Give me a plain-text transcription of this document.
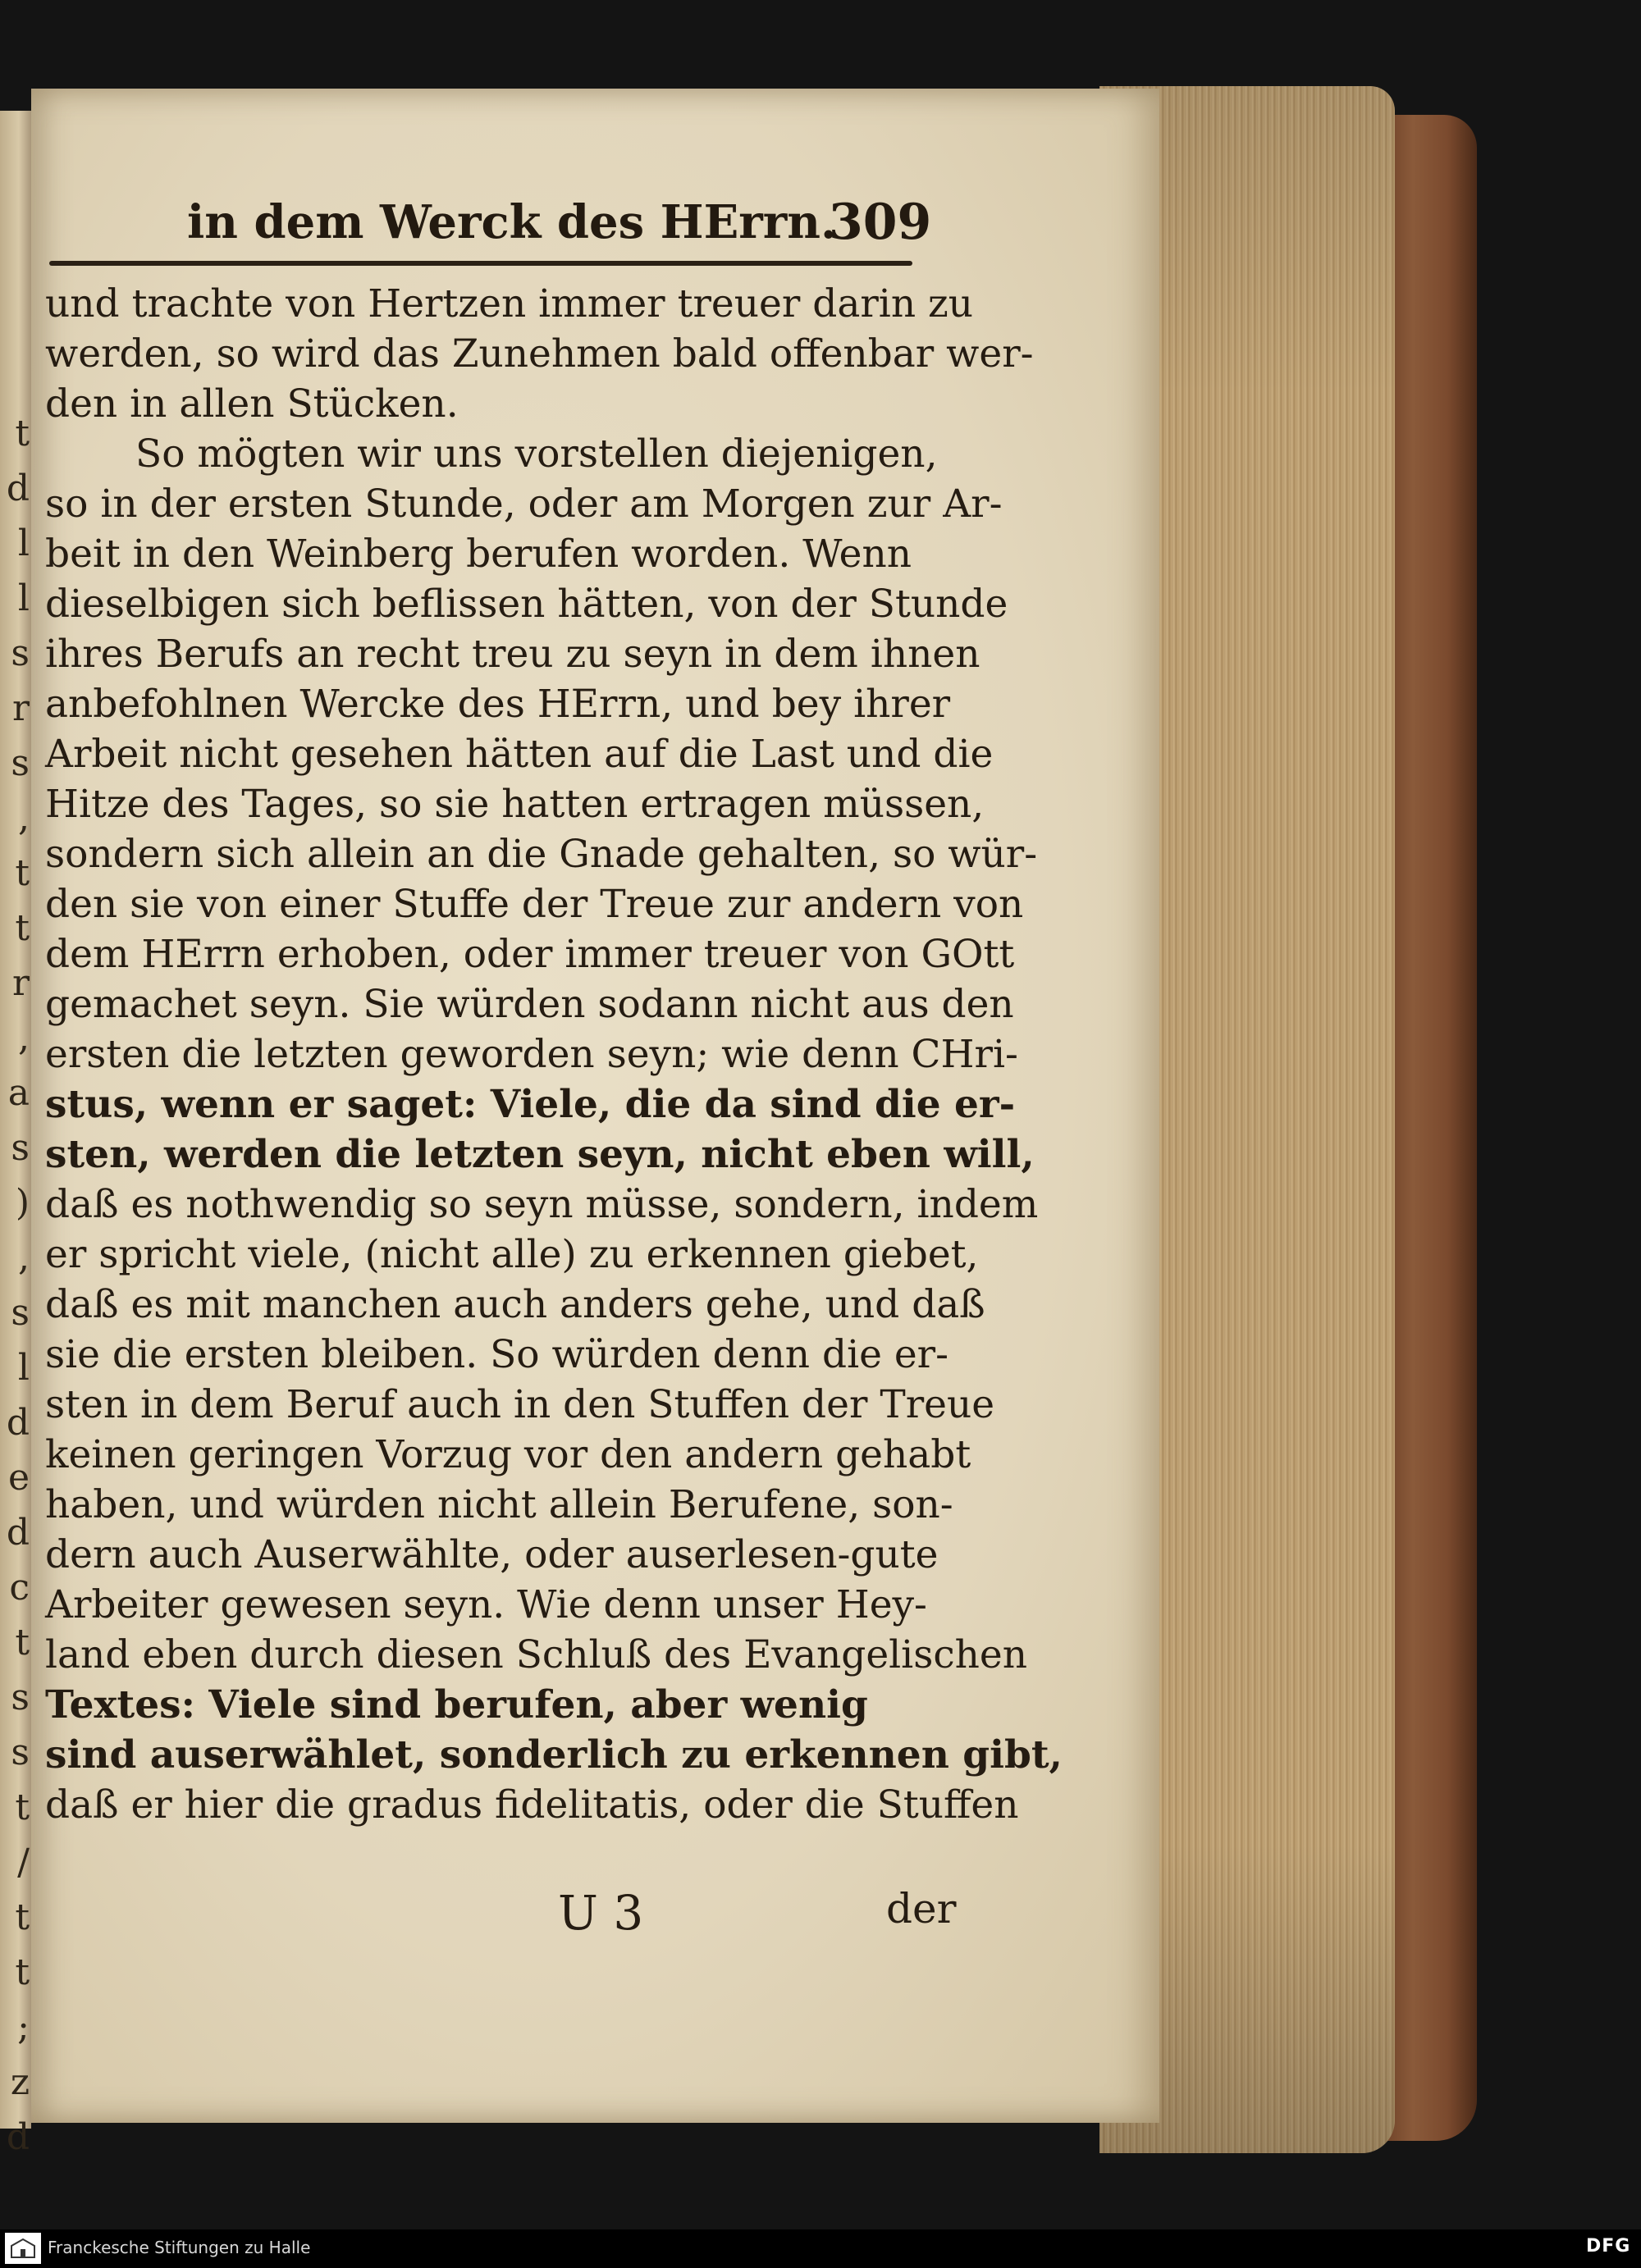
t
d
l
l
s
r
s
,
t
t
r
,
a
s
)
,
s
l
d
e
d
c
t
s
s
t
/
t
t
;
z
d
in dem Werck des HErrn.
309
und trachte von Hertzen immer treuer darin zu
werden, so wird das Zunehmen bald offenbar wer-
den in allen Stücken.
So mögten wir uns vorstellen diejenigen,
so in der ersten Stunde, oder am Morgen zur Ar-
beit in den Weinberg berufen worden. Wenn
dieselbigen sich beflissen hätten, von der Stunde
ihres Berufs an recht treu zu seyn in dem ihnen
anbefohlnen Wercke des HErrn, und bey ihrer
Arbeit nicht gesehen hätten auf die Last und die
Hitze des Tages, so sie hatten ertragen müssen,
sondern sich allein an die Gnade gehalten, so wür-
den sie von einer Stuffe der Treue zur andern von
dem HErrn erhoben, oder immer treuer von GOtt
gemachet seyn. Sie würden sodann nicht aus den
ersten die letzten geworden seyn; wie denn CHri-
stus, wenn er saget: Viele, die da sind die er-
sten, werden die letzten seyn, nicht eben will,
daß es nothwendig so seyn müsse, sondern, indem
er spricht viele, (nicht alle) zu erkennen giebet,
daß es mit manchen auch anders gehe, und daß
sie die ersten bleiben. So würden denn die er-
sten in dem Beruf auch in den Stuffen der Treue
keinen geringen Vorzug vor den andern gehabt
haben, und würden nicht allein Berufene, son-
dern auch Auserwählte, oder auserlesen-gute
Arbeiter gewesen seyn. Wie denn unser Hey-
land eben durch diesen Schluß des Evangelischen
Textes: Viele sind berufen, aber wenig
sind auserwählet, sonderlich zu erkennen gibt,
daß er hier die gradus fidelitatis, oder die Stuffen
U 3	der
Franckesche Stiftungen zu Halle	DFG
